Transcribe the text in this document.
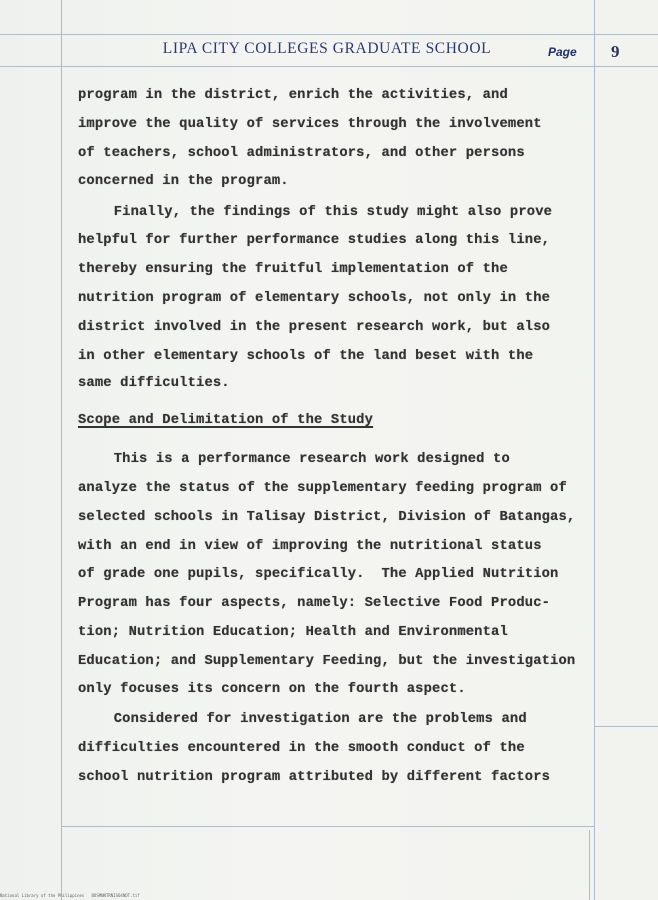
LIPA CITY COLLEGES GRADUATE SCHOOL	Page 9
program in the district, enrich the activities, and
improve the quality of services through the involvement
of teachers, school administrators, and other persons
concerned in the program.
Finally, the findings of this study might also prove
helpful for further performance studies along this line,
thereby ensuring the fruitful implementation of the
nutrition program of elementary schools, not only in the
district involved in the present research work, but also
in other elementary schools of the land beset with the
same difficulties.
Scope and Delimitation of the Study
This is a performance research work designed to
analyze the status of the supplementary feeding program of
selected schools in Talisay District, Division of Batangas,
with an end in view of improving the nutritional status
of grade one pupils, specifically.  The Applied Nutrition
Program has four aspects, namely: Selective Food Produc-
tion; Nutrition Education; Health and Environmental
Education; and Supplementary Feeding, but the investigation
only focuses its concern on the fourth aspect.
Considered for investigation are the problems and
difficulties encountered in the smooth conduct of the
school nutrition program attributed by different factors
National Library of the Philippines   BOSMNNTRNISO4NDT.tif
